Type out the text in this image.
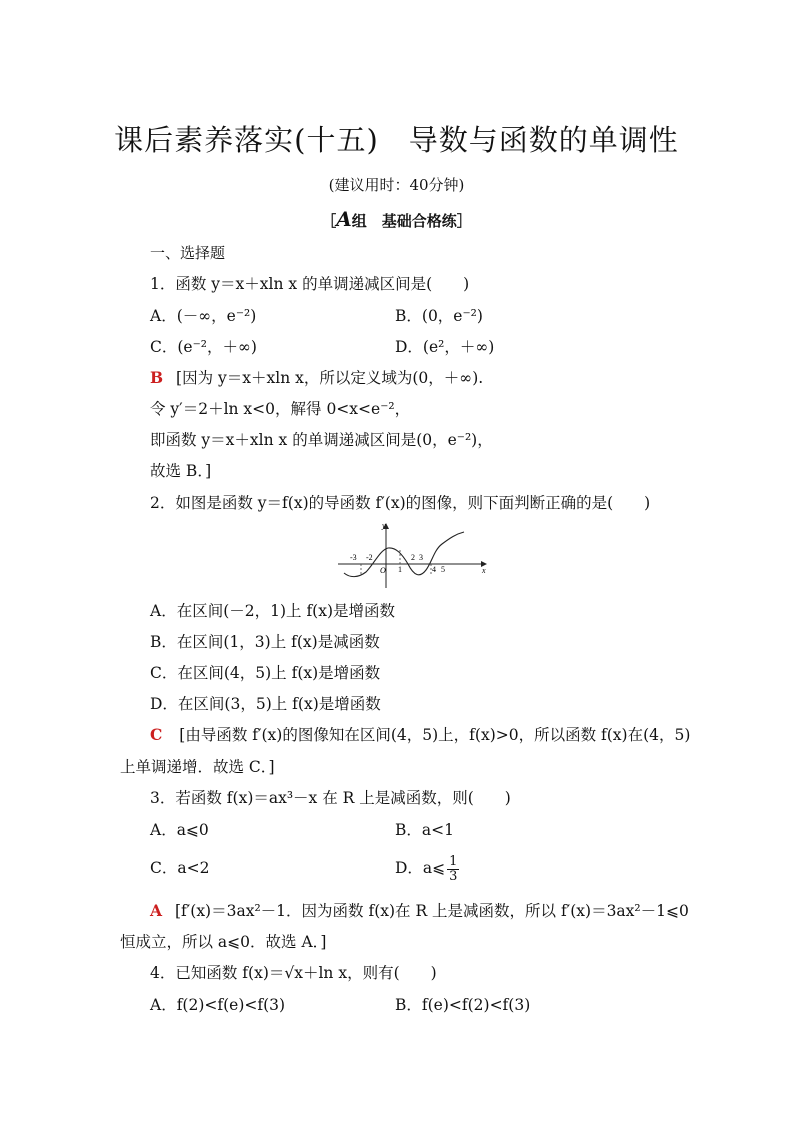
课后素养落实(十五)　导数与函数的单调性
(建议用时：40分钟)
［A组　基础合格练］
一、选择题
1．函数 y＝x＋xln x 的单调递减区间是(　　)
A．(－∞，e⁻²)	B．(0，e⁻²)
C．(e⁻²，＋∞)	D．(e²，＋∞)
B [因为 y＝x＋xln x，所以定义域为(0，＋∞).
令 y′＝2＋ln x<0，解得 0<x<e⁻²，
即函数 y＝x＋xln x 的单调递减区间是(0，e⁻²)，
故选 B．]
2．如图是函数 y＝f(x)的导函数 f′(x)的图像，则下面判断正确的是(　　)
y
x
O
-3 -2
1
2 3
4 5
A．在区间(－2，1)上 f(x)是增函数
B．在区间(1，3)上 f(x)是减函数
C．在区间(4，5)上 f(x)是增函数
D．在区间(3，5)上 f(x)是增函数
C [由导函数 f′(x)的图像知在区间(4，5)上，f(x)>0，所以函数 f(x)在(4，5)
上单调递增．故选 C．]
3．若函数 f(x)＝ax³－x 在 R 上是减函数，则(　　)
A．a⩽0	B．a<1
C．a<2	D．a⩽ $\frac{1}{3}$
A [f′(x)＝3ax²－1．因为函数 f(x)在 R 上是减函数，所以 f′(x)＝3ax²－1⩽0
恒成立，所以 a⩽0．故选 A．]
4．已知函数 f(x)＝√x＋ln x，则有(　　)
A．f(2)<f(e)<f(3)	B．f(e)<f(2)<f(3)
